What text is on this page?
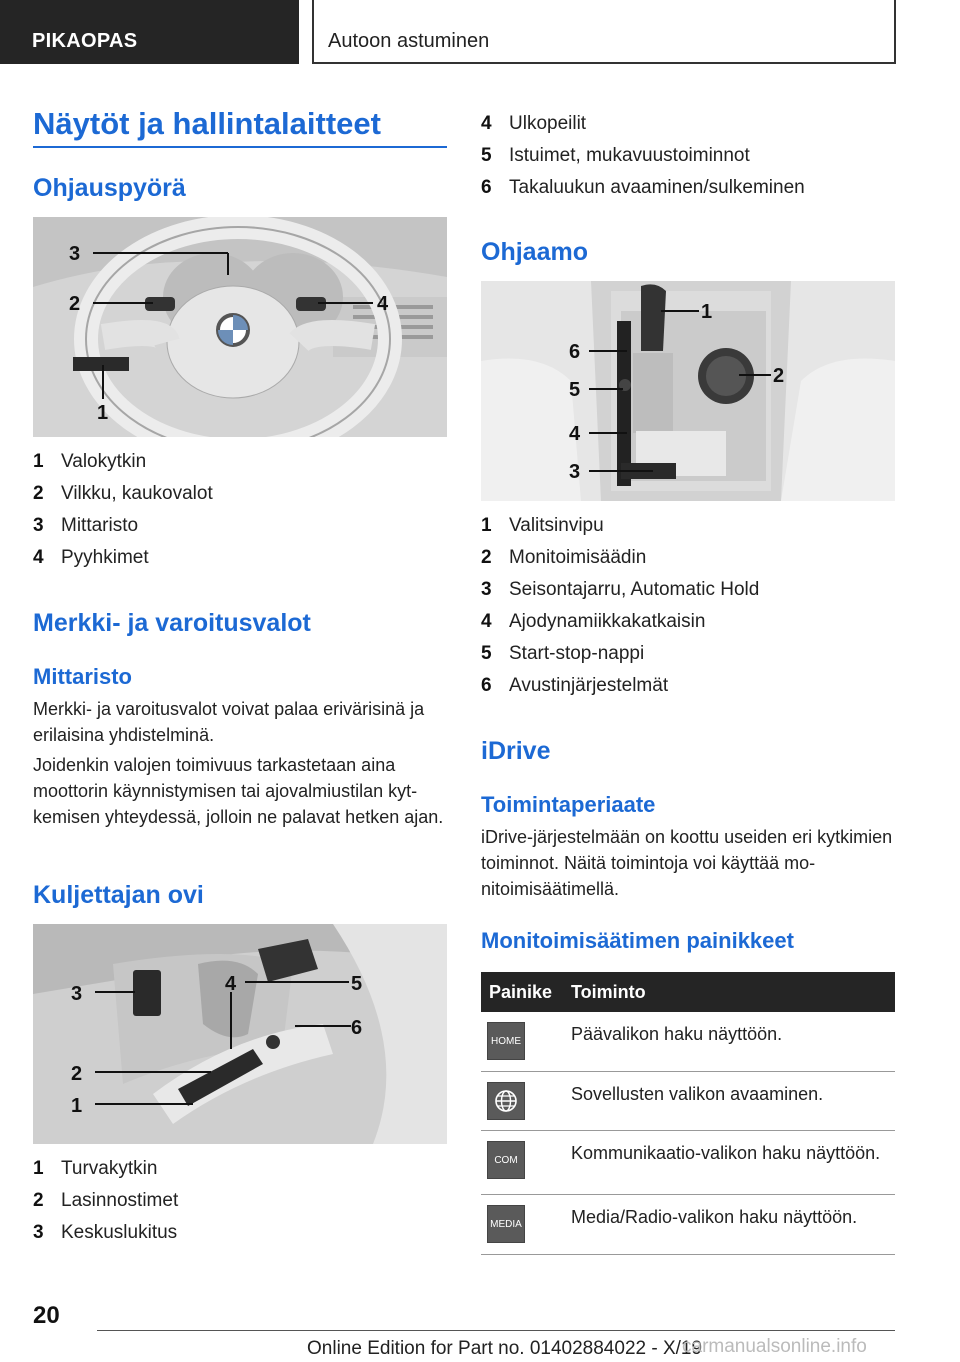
PIKAOPAS	Autoon astuminen
Näytöt ja hallintalaitteet
Ohjauspyörä
3
2	4
1
1 Valokytkin
2 Vilkku, kaukovalot
3 Mittaristo
4 Pyyhkimet
Merkki- ja varoitusvalot
Mittaristo
Merkki- ja varoitusvalot voivat palaa erivärisinä ja erilaisina yhdistelminä.
Joidenkin valojen toimivuus tarkastetaan aina moottorin käynnistymisen tai ajovalmiustilan kytkemisen yhteydessä, jolloin ne palavat hetken ajan.
Kuljettajan ovi
3	4	5
6
2
1
1 Turvakytkin
2 Lasinnostimet
3 Keskuslukitus
4 Ulkopeilit
5 Istuimet, mukavuustoiminnot
6 Takaluukun avaaminen/sulkeminen
Ohjaamo
1
6
2
5
4
3
1 Valitsinvipu
2 Monitoimisäädin
3 Seisontajarru, Automatic Hold
4 Ajodynamiikkakatkaisin
5 Start-stop-nappi
6 Avustinjärjestelmät
iDrive
Toimintaperiaate
iDrive-järjestelmään on koottu useiden eri kytkimien toiminnot. Näitä toimintoja voi käyttää monitoimisäätimellä.
Monitoimisäätimen painikkeet
Painike	Toiminto
HOME	Päävalikon haku näyttöön.
Sovellusten valikon avaaminen.
COM	Kommunikaatio-valikon haku näyttöön.
MEDIA	Media/Radio-valikon haku näyttöön.
20
Online Edition for Part no. 01402884022 - X/19
carmanualsonline.info
